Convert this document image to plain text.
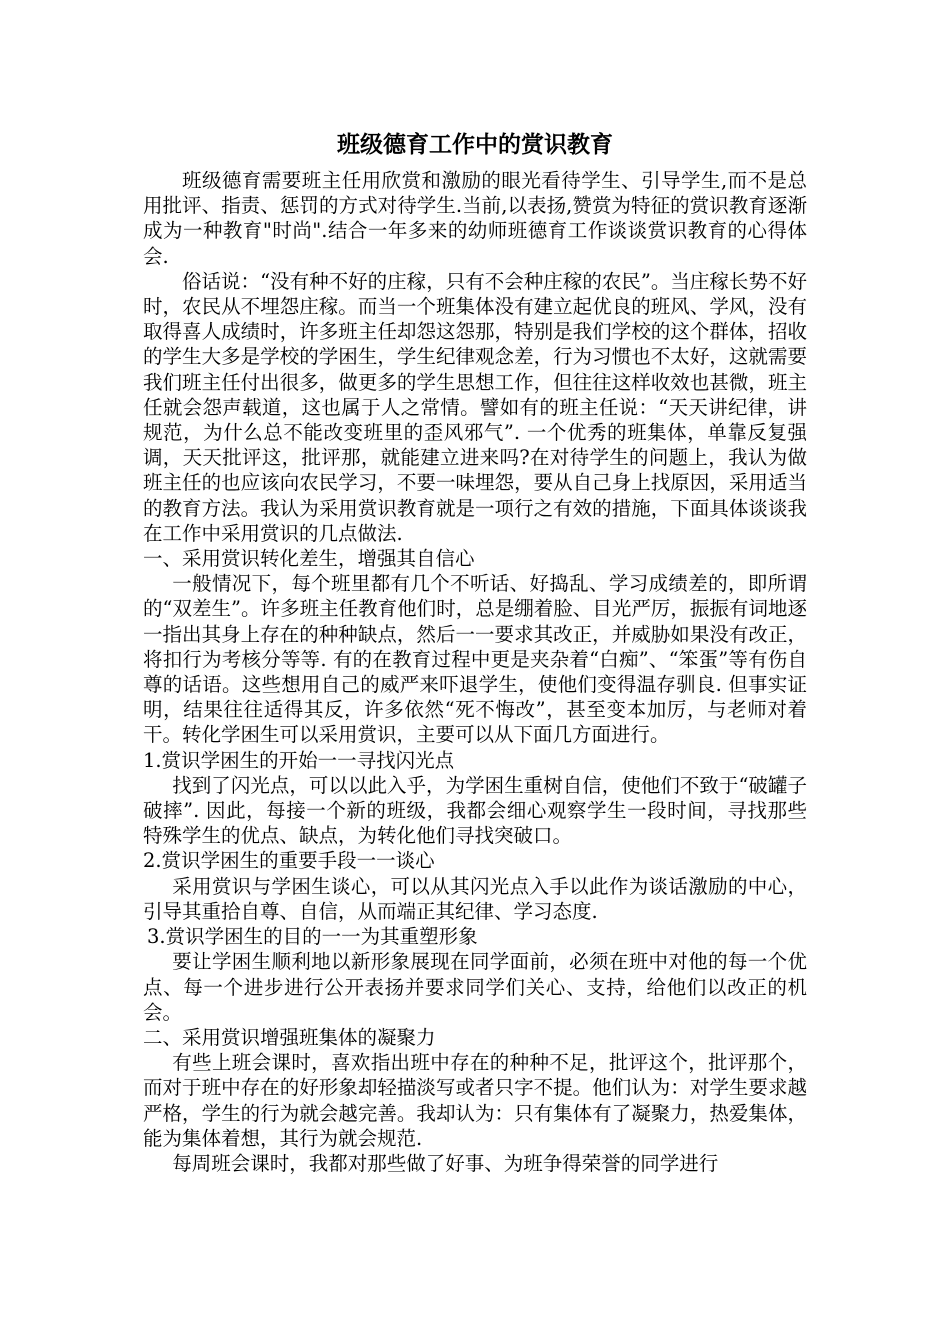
班级德育工作中的赏识教育
班级德育需要班主任用欣赏和激励的眼光看待学生、引导学生,而不是总用批评、指责、惩罚的方式对待学生.当前,以表扬,赞赏为特征的赏识教育逐渐成为一种教育"时尚".结合一年多来的幼师班德育工作谈谈赏识教育的心得体会.
俗话说：“没有种不好的庄稼，只有不会种庄稼的农民”。当庄稼长势不好时，农民从不埋怨庄稼。而当一个班集体没有建立起优良的班风、学风，没有取得喜人成绩时，许多班主任却怨这怨那，特别是我们学校的这个群体，招收的学生大多是学校的学困生，学生纪律观念差，行为习惯也不太好，这就需要我们班主任付出很多，做更多的学生思想工作，但往往这样收效也甚微，班主任就会怨声载道，这也属于人之常情。譬如有的班主任说：“天天讲纪律，讲规范，为什么总不能改变班里的歪风邪气”. 一个优秀的班集体，单靠反复强调，天天批评这，批评那，就能建立进来吗?在对待学生的问题上，我认为做班主任的也应该向农民学习，不要一味埋怨，要从自己身上找原因，采用适当的教育方法。我认为采用赏识教育就是一项行之有效的措施，下面具体谈谈我在工作中采用赏识的几点做法.
一、采用赏识转化差生，增强其自信心
一般情况下，每个班里都有几个不听话、好捣乱、学习成绩差的，即所谓的“双差生”。许多班主任教育他们时，总是绷着脸、目光严厉，振振有词地逐一指出其身上存在的种种缺点，然后一一要求其改正，并威胁如果没有改正，将扣行为考核分等等. 有的在教育过程中更是夹杂着“白痴”、“笨蛋”等有伤自尊的话语。这些想用自己的威严来吓退学生，使他们变得温存驯良. 但事实证明，结果往往适得其反，许多依然“死不悔改”，甚至变本加厉，与老师对着干。转化学困生可以采用赏识，主要可以从下面几方面进行。
1.赏识学困生的开始一一寻找闪光点
找到了闪光点，可以以此入乎，为学困生重树自信，使他们不致于“破罐子破摔”. 因此，每接一个新的班级，我都会细心观察学生一段时间，寻找那些特殊学生的优点、缺点，为转化他们寻找突破口。
2.赏识学困生的重要手段一一谈心
采用赏识与学困生谈心，可以从其闪光点入手以此作为谈话激励的中心，引导其重拾自尊、自信，从而端正其纪律、学习态度.
3.赏识学困生的目的一一为其重塑形象
要让学困生顺利地以新形象展现在同学面前，必须在班中对他的每一个优点、每一个进步进行公开表扬并要求同学们关心、支持，给他们以改正的机会。
二、采用赏识增强班集体的凝聚力
有些上班会课时，喜欢指出班中存在的种种不足，批评这个，批评那个，而对于班中存在的好形象却轻描淡写或者只字不提。他们认为：对学生要求越严格，学生的行为就会越完善。我却认为：只有集体有了凝聚力，热爱集体，能为集体着想，其行为就会规范.
每周班会课时，我都对那些做了好事、为班争得荣誉的同学进行
